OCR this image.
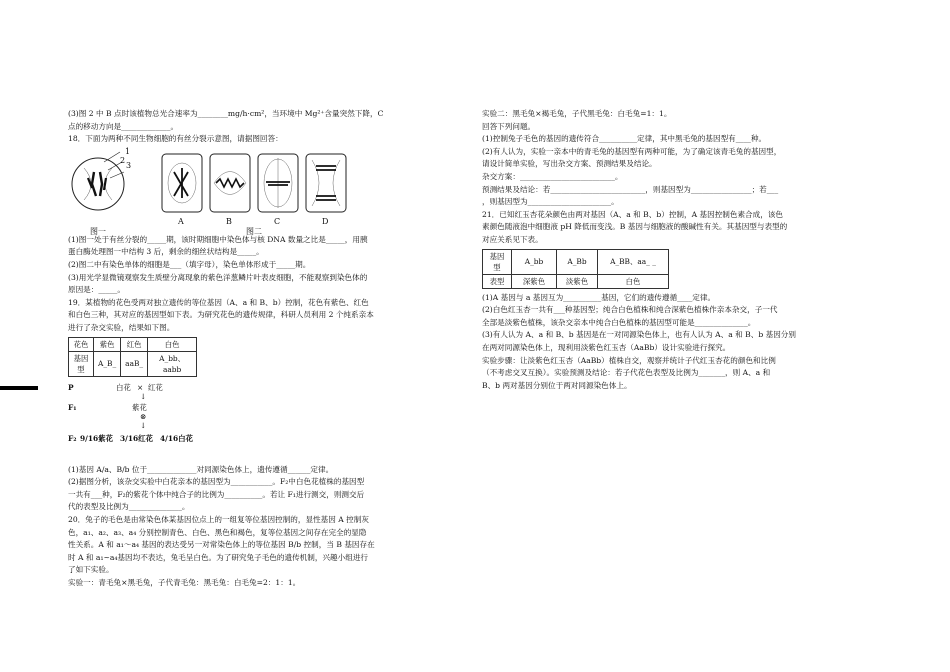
(3)图 2 中 B 点时该植物总光合速率为________mg/h·cm²，当环境中 Mg²⁺含量突然下降，C
点的移动方向是_____________。
18．下面为两种不同生物细胞的有丝分裂示意图，请据图回答：
1
2
3
A	B	C	D
图一	图二
(1)图一处于有丝分裂的_____期，该时期细胞中染色体与核 DNA 数量之比是_____，用胰
蛋白酶处理图一中结构 3 后，剩余的细丝状结构是_____。
(2)图二中有染色单体的细胞是___（填字母），染色单体形成于_____期。
(3)用光学显微镜观察发生质壁分离现象的紫色洋葱鳞片叶表皮细胞，不能观察到染色体的
原因是：_____。
19．某植物的花色受两对独立遗传的等位基因（A、a 和 B、b）控制，花色有紫色、红色
和白色三种，其对应的基因型如下表。为研究花色的遗传规律，科研人员利用 2 个纯系亲本
进行了杂交实验，结果如下图。
花色	紫色	红色	白色
基因型	A_B_	aaB_	A_bb、aabb
P	白花 × 红花
↓
F₁	紫花
⊗
↓
F₂ 9/16紫花 3/16红花 4/16白花
(1)基因 A/a、B/b 位于_____________对同源染色体上，遗传遵循______定律。
(2)据图分析，该杂交实验中白花亲本的基因型为___________。F₂中白色花植株的基因型
一共有___种，F₂的紫花个体中纯合子的比例为__________。若让 F₁进行测交，则测交后
代的表型及比例为______________。
20．兔子的毛色是由常染色体某基因位点上的一组复等位基因控制的，显性基因 A 控制灰
色，a₁、a₂、a₃、a₄ 分别控制青色、白色、黑色和褐色，复等位基因之间存在完全的显隐
性关系。A 和 a₁～a₄ 基因的表达受另一对常染色体上的等位基因 B/b 控制，当 B 基因存在
时 A 和 a₁~a₄基因均不表达，兔毛呈白色。为了研究兔子毛色的遗传机制，兴趣小组进行
了如下实验。
实验一：青毛兔×黑毛兔，子代青毛兔：黑毛兔：白毛兔=2：1：1。
实验二：黑毛兔×褐毛兔，子代黑毛兔：白毛兔=1：1。
回答下列问题。
(1)控制兔子毛色的基因的遗传符合__________定律，其中黑毛兔的基因型有____种。
(2)有人认为，实验一亲本中的青毛兔的基因型有两种可能，为了确定该青毛兔的基因型，
请设计简单实验，写出杂交方案、预测结果及结论。
杂交方案：_________________________。
预测结果及结论：若_________________________，则基因型为________________；若___
，则基因型为______________________。
21．已知红玉杏花朵颜色由两对基因（A、a 和 B、b）控制，A 基因控制色素合成，该色
素颜色随液泡中细胞液 pH 降低而变浅。B 基因与细胞液的酸碱性有关。其基因型与表型的
对应关系见下表。
基因型	A_bb	A_Bb	A_BB、aa_ _
表型	深紫色	淡紫色	白色
(1)A 基因与 a 基因互为__________基因，它们的遗传遵循____定律。
(2)白色红玉杏一共有___种基因型；纯合白色植株和纯合深紫色植株作亲本杂交，子一代
全部是淡紫色植株，该杂交亲本中纯合白色植株的基因型可能是______________。
(3)有人认为 A、a 和 B、b 基因是在一对同源染色体上，也有人认为 A、a 和 B、b 基因分别
在两对同源染色体上，现利用淡紫色红玉杏（AaBb）设计实验进行探究。
实验步骤：让淡紫色红玉杏（AaBb）植株自交，观察并统计子代红玉杏花的颜色和比例
（不考虑交叉互换）。实验预测及结论：若子代花色表型及比例为_______，则 A、a 和
B、b 两对基因分别位于两对同源染色体上。
